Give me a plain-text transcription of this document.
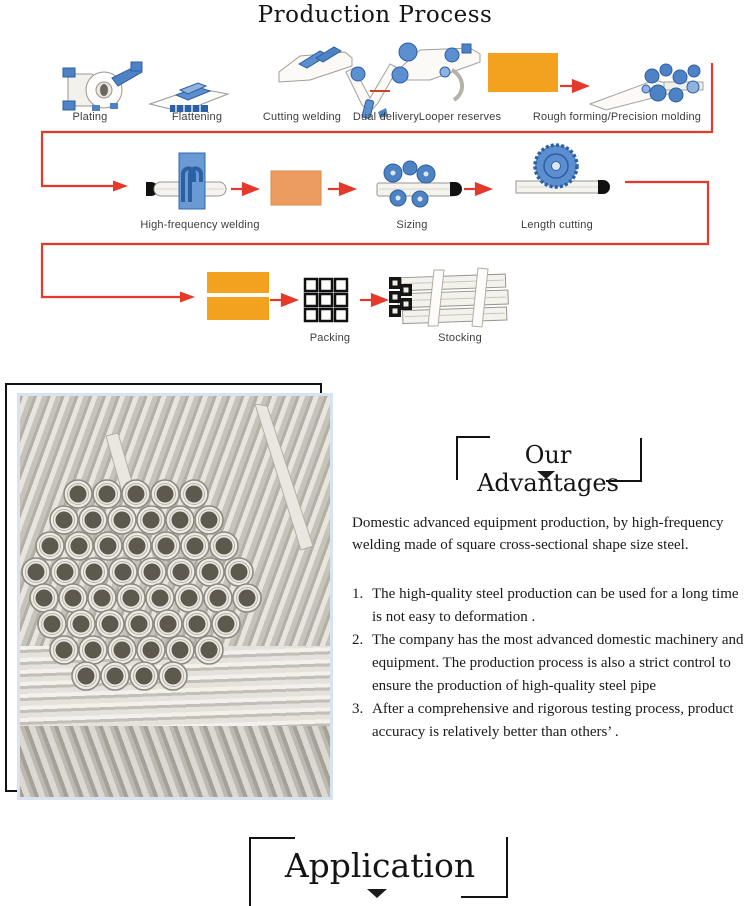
Production Process
Plating	Flattening	Cutting welding	Dual delivery Looper reserves	Rough forming/Precision molding
High-frequency welding	Sizing	Length cutting
Packing	Stocking
Our Advantages
Domestic advanced equipment production, by high-frequency welding made of square cross-sectional shape size steel.
1. The high-quality steel production can be used for a long time is not easy to deformation .
2. The company has the most advanced domestic machinery and equipment. The production process is also a strict control to ensure the production of high-quality steel pipe
3. After a comprehensive and rigorous testing process, product accuracy is relatively better than others’ .
Application
